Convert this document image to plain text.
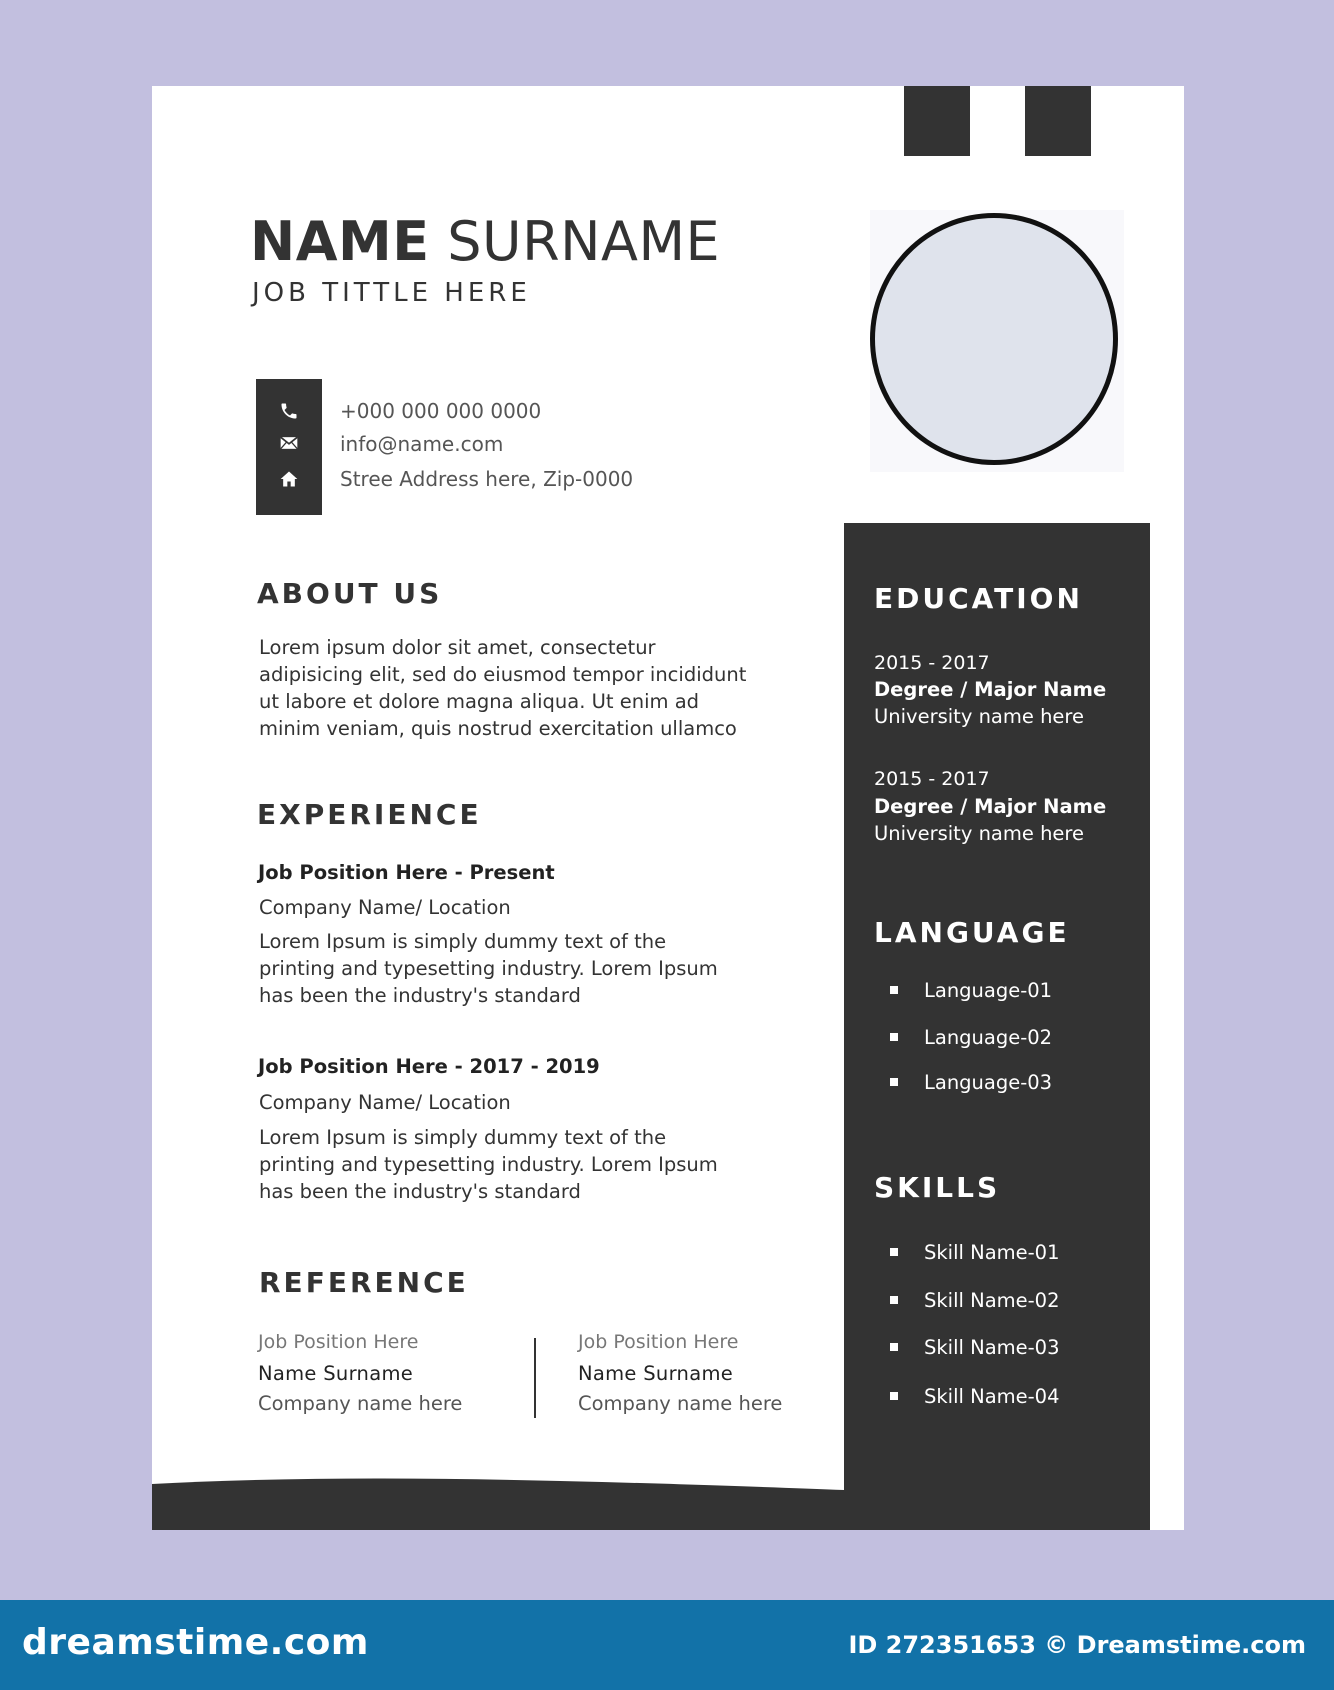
NAME SURNAME
JOB TITTLE HERE
+000 000 000 0000
info@name.com
Stree Address here, Zip-0000
ABOUT US
Lorem ipsum dolor sit amet, consectetur
adipisicing elit, sed do eiusmod tempor incididunt
ut labore et dolore magna aliqua. Ut enim ad
minim veniam, quis nostrud exercitation ullamco
EXPERIENCE
Job Position Here - Present
Company Name/ Location
Lorem Ipsum is simply dummy text of the
printing and typesetting industry. Lorem Ipsum
has been the industry's standard
Job Position Here - 2017 - 2019
Company Name/ Location
Lorem Ipsum is simply dummy text of the
printing and typesetting industry. Lorem Ipsum
has been the industry's standard
REFERENCE
Job Position Here
Name Surname
Company name here
Job Position Here
Name Surname
Company name here
EDUCATION
2015 - 2017
Degree / Major Name
University name here
2015 - 2017
Degree / Major Name
University name here
LANGUAGE
Language-01
Language-02
Language-03
SKILLS
Skill Name-01
Skill Name-02
Skill Name-03
Skill Name-04
dreamstime.com	ID 272351653 © Dreamstime.com
